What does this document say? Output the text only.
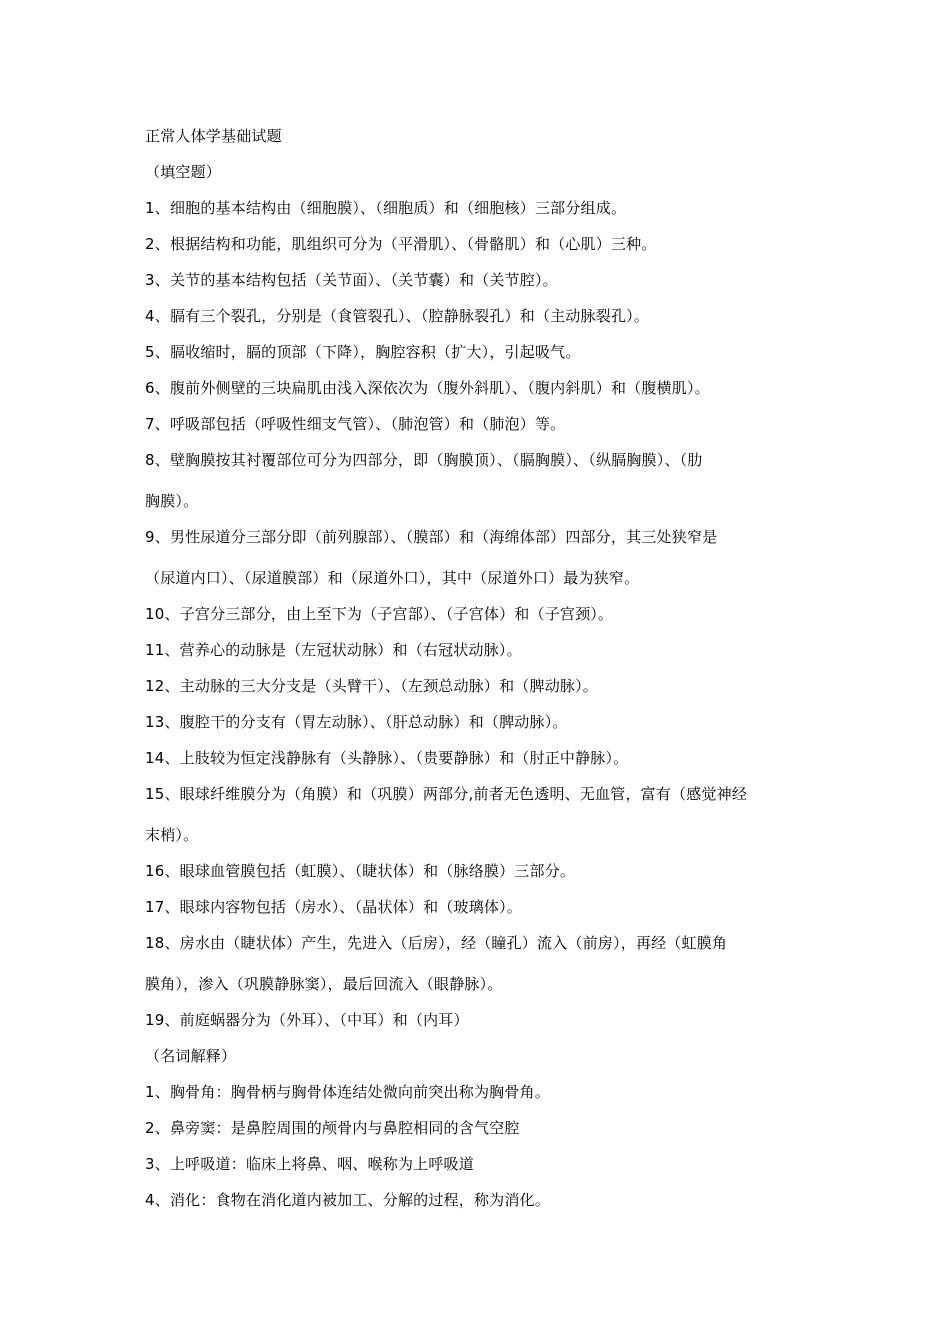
正常人体学基础试题
（填空题）
1、细胞的基本结构由（细胞膜）、（细胞质）和（细胞核）三部分组成。
2、根据结构和功能，肌组织可分为（平滑肌）、（骨骼肌）和（心肌）三种。
3、关节的基本结构包括（关节面）、（关节囊）和（关节腔）。
4、膈有三个裂孔，分别是（食管裂孔）、（腔静脉裂孔）和（主动脉裂孔）。
5、膈收缩时，膈的顶部（下降），胸腔容积（扩大），引起吸气。
6、腹前外侧壁的三块扁肌由浅入深依次为（腹外斜肌）、（腹内斜肌）和（腹横肌）。
7、呼吸部包括（呼吸性细支气管）、（肺泡管）和（肺泡）等。
8、壁胸膜按其衬覆部位可分为四部分，即（胸膜顶）、（膈胸膜）、（纵膈胸膜）、（肋
胸膜）。
9、男性尿道分三部分即（前列腺部）、（膜部）和（海绵体部）四部分，其三处狭窄是
（尿道内口）、（尿道膜部）和（尿道外口），其中（尿道外口）最为狭窄。
10、子宫分三部分，由上至下为（子宫部）、（子宫体）和（子宫颈）。
11、营养心的动脉是（左冠状动脉）和（右冠状动脉）。
12、主动脉的三大分支是（头臂干）、（左颈总动脉）和（脾动脉）。
13、腹腔干的分支有（胃左动脉）、（肝总动脉）和（脾动脉）。
14、上肢较为恒定浅静脉有（头静脉）、（贵要静脉）和（肘正中静脉）。
15、眼球纤维膜分为（角膜）和（巩膜）两部分,前者无色透明、无血管，富有（感觉神经
末梢）。
16、眼球血管膜包括（虹膜）、（睫状体）和（脉络膜）三部分。
17、眼球内容物包括（房水）、（晶状体）和（玻璃体）。
18、房水由（睫状体）产生，先进入（后房），经（瞳孔）流入（前房），再经（虹膜角
膜角），渗入（巩膜静脉窦），最后回流入（眼静脉）。
19、前庭蜗器分为（外耳）、（中耳）和（内耳）
（名词解释）
1、胸骨角：胸骨柄与胸骨体连结处微向前突出称为胸骨角。
2、鼻旁窦：是鼻腔周围的颅骨内与鼻腔相同的含气空腔
3、上呼吸道：临床上将鼻、咽、喉称为上呼吸道
4、消化：食物在消化道内被加工、分解的过程，称为消化。
